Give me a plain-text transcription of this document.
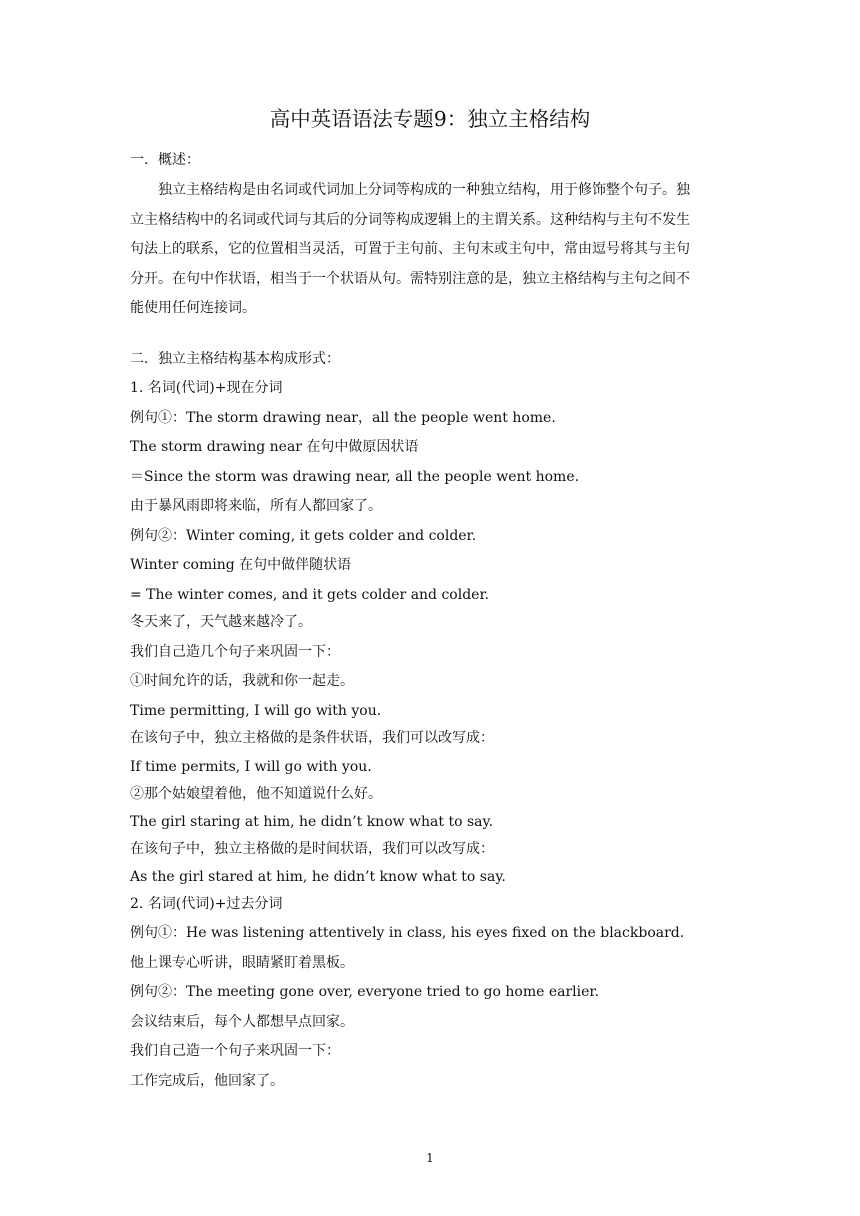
高中英语语法专题9：独立主格结构
一．概述：
独立主格结构是由名词或代词加上分词等构成的一种独立结构，用于修饰整个句子。独
立主格结构中的名词或代词与其后的分词等构成逻辑上的主谓关系。这种结构与主句不发生
句法上的联系，它的位置相当灵活，可置于主句前、主句末或主句中，常由逗号将其与主句
分开。在句中作状语，相当于一个状语从句。需特别注意的是，独立主格结构与主句之间不
能使用任何连接词。
二．独立主格结构基本构成形式：
1. 名词(代词)+现在分词
例句①：The storm drawing near，all the people went home.
The storm drawing near 在句中做原因状语
＝Since the storm was drawing near, all the people went home.
由于暴风雨即将来临，所有人都回家了。
例句②：Winter coming, it gets colder and colder.
Winter coming 在句中做伴随状语
= The winter comes, and it gets colder and colder.
冬天来了，天气越来越冷了。
我们自己造几个句子来巩固一下：
①时间允许的话，我就和你一起走。
Time permitting, I will go with you.
在该句子中，独立主格做的是条件状语，我们可以改写成：
If time permits, I will go with you.
②那个姑娘望着他，他不知道说什么好。
The girl staring at him, he didn’t know what to say.
在该句子中，独立主格做的是时间状语，我们可以改写成：
As the girl stared at him, he didn’t know what to say.
2. 名词(代词)+过去分词
例句①：He was listening attentively in class, his eyes fixed on the blackboard.
他上课专心听讲，眼睛紧盯着黑板。
例句②：The meeting gone over, everyone tried to go home earlier.
会议结束后，每个人都想早点回家。
我们自己造一个句子来巩固一下：
工作完成后，他回家了。
1
